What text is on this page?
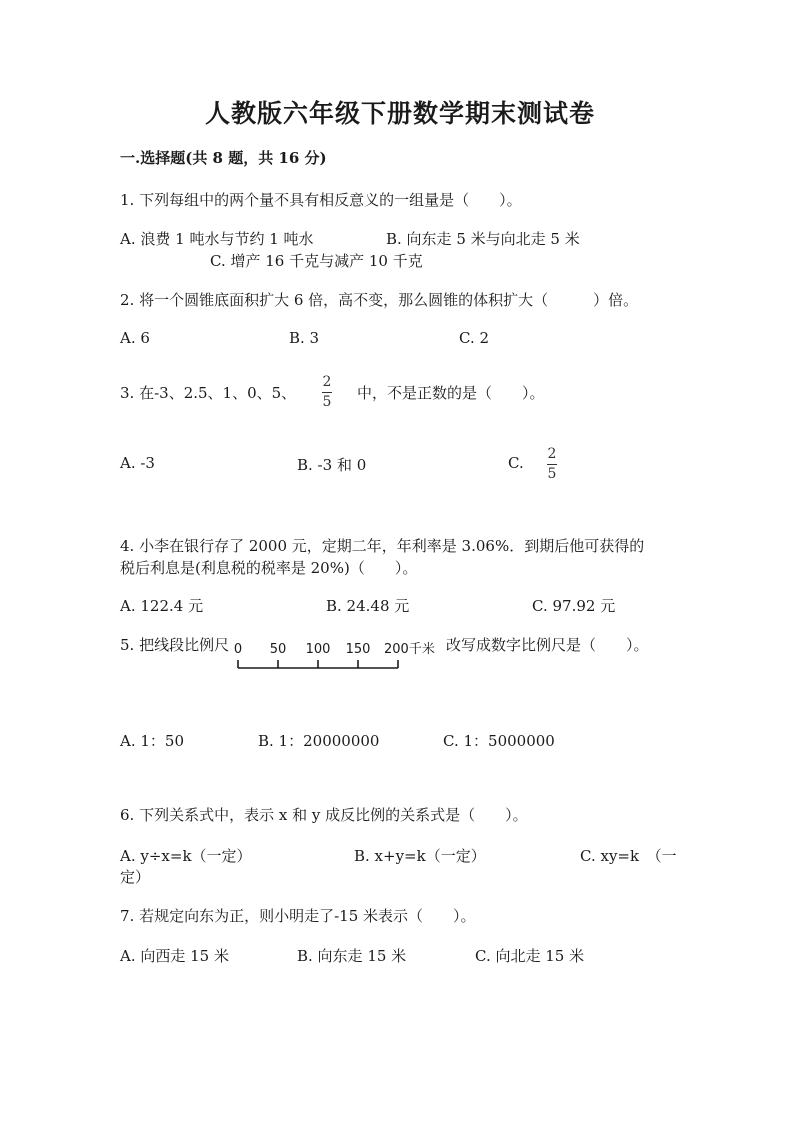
人教版六年级下册数学期末测试卷
一.选择题(共 8 题，共 16 分)
1. 下列每组中的两个量不具有相反意义的一组量是（　　）。
A. 浪费 1 吨水与节约 1 吨水	B. 向东走 5 米与向北走 5 米
C. 增产 16 千克与减产 10 千克
2. 将一个圆锥底面积扩大 6 倍，高不变，那么圆锥的体积扩大（　　　）倍。
A. 6	B. 3	C. 2
3. 在-3、2.5、1、0、5、
2
5 中，不是正数的是（　　）。
A. -3	B. -3 和 0	C. 2
5
4. 小李在银行存了 2000 元，定期二年，年利率是 3.06%．到期后他可获得的
税后利息是(利息税的税率是 20%)（　　）。
A. 122.4 元	B. 24.48 元	C. 97.92 元
5. 把线段比例尺 0 50 100 150 200千米 改写成数字比例尺是（　　）。
A. 1：50	B. 1：20000000	C. 1：5000000
6. 下列关系式中，表示 x 和 y 成反比例的关系式是（　　）。
A. y÷x=k（一定）	B. x+y=k（一定）	C. xy=k　（一
定）
7. 若规定向东为正，则小明走了-15 米表示（　　）。
A. 向西走 15 米	B. 向东走 15 米	C. 向北走 15 米
